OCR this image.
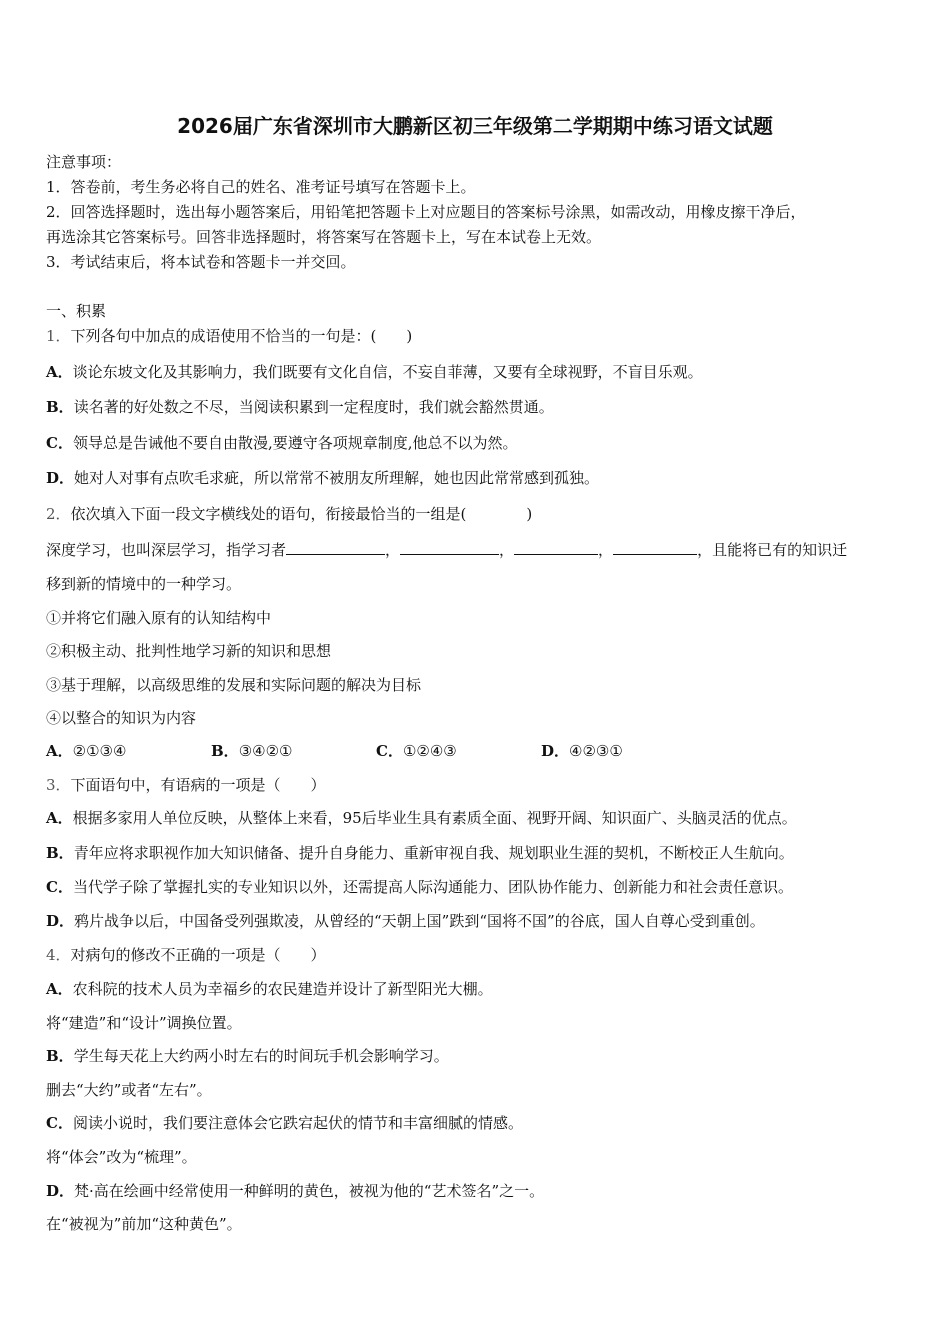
2026届广东省深圳市大鹏新区初三年级第二学期期中练习语文试题
注意事项：
1．答卷前，考生务必将自己的姓名、准考证号填写在答题卡上。
2．回答选择题时，选出每小题答案后，用铅笔把答题卡上对应题目的答案标号涂黑，如需改动，用橡皮擦干净后，
再选涂其它答案标号。回答非选择题时，将答案写在答题卡上，写在本试卷上无效。
3．考试结束后，将本试卷和答题卡一并交回。
一、积累
1．下列各句中加点的成语使用不恰当的一句是：(　　)
A．谈论东坡文化及其影响力，我们既要有文化自信，不妄自菲薄，又要有全球视野，不盲目乐观。
B．读名著的好处数之不尽，当阅读积累到一定程度时，我们就会豁然贯通。
C．领导总是告诫他不要自由散漫,要遵守各项规章制度,他总不以为然。
D．她对人对事有点吹毛求疵，所以常常不被朋友所理解，她也因此常常感到孤独。
2．依次填入下面一段文字横线处的语句，衔接最恰当的一组是(　　　　)
深度学习，也叫深层学习，指学习者	，	，	，	，且能将已有的知识迁
移到新的情境中的一种学习。
①并将它们融入原有的认知结构中
②积极主动、批判性地学习新的知识和思想
③基于理解，以高级思维的发展和实际问题的解决为目标
④以整合的知识为内容
A．②①③④	B．③④②①	C．①②④③	D．④②③①
3．下面语句中，有语病的一项是（　　）
A．根据多家用人单位反映，从整体上来看，95后毕业生具有素质全面、视野开阔、知识面广、头脑灵活的优点。
B．青年应将求职视作加大知识储备、提升自身能力、重新审视自我、规划职业生涯的契机，不断校正人生航向。
C．当代学子除了掌握扎实的专业知识以外，还需提高人际沟通能力、团队协作能力、创新能力和社会责任意识。
D．鸦片战争以后，中国备受列强欺凌，从曾经的“天朝上国”跌到“国将不国”的谷底，国人自尊心受到重创。
4．对病句的修改不正确的一项是（　　）
A．农科院的技术人员为幸福乡的农民建造并设计了新型阳光大棚。
将“建造”和“设计”调换位置。
B．学生每天花上大约两小时左右的时间玩手机会影响学习。
删去“大约”或者“左右”。
C．阅读小说时，我们要注意体会它跌宕起伏的情节和丰富细腻的情感。
将“体会”改为“梳理”。
D．梵·高在绘画中经常使用一种鲜明的黄色，被视为他的“艺术签名”之一。
在“被视为”前加“这种黄色”。
